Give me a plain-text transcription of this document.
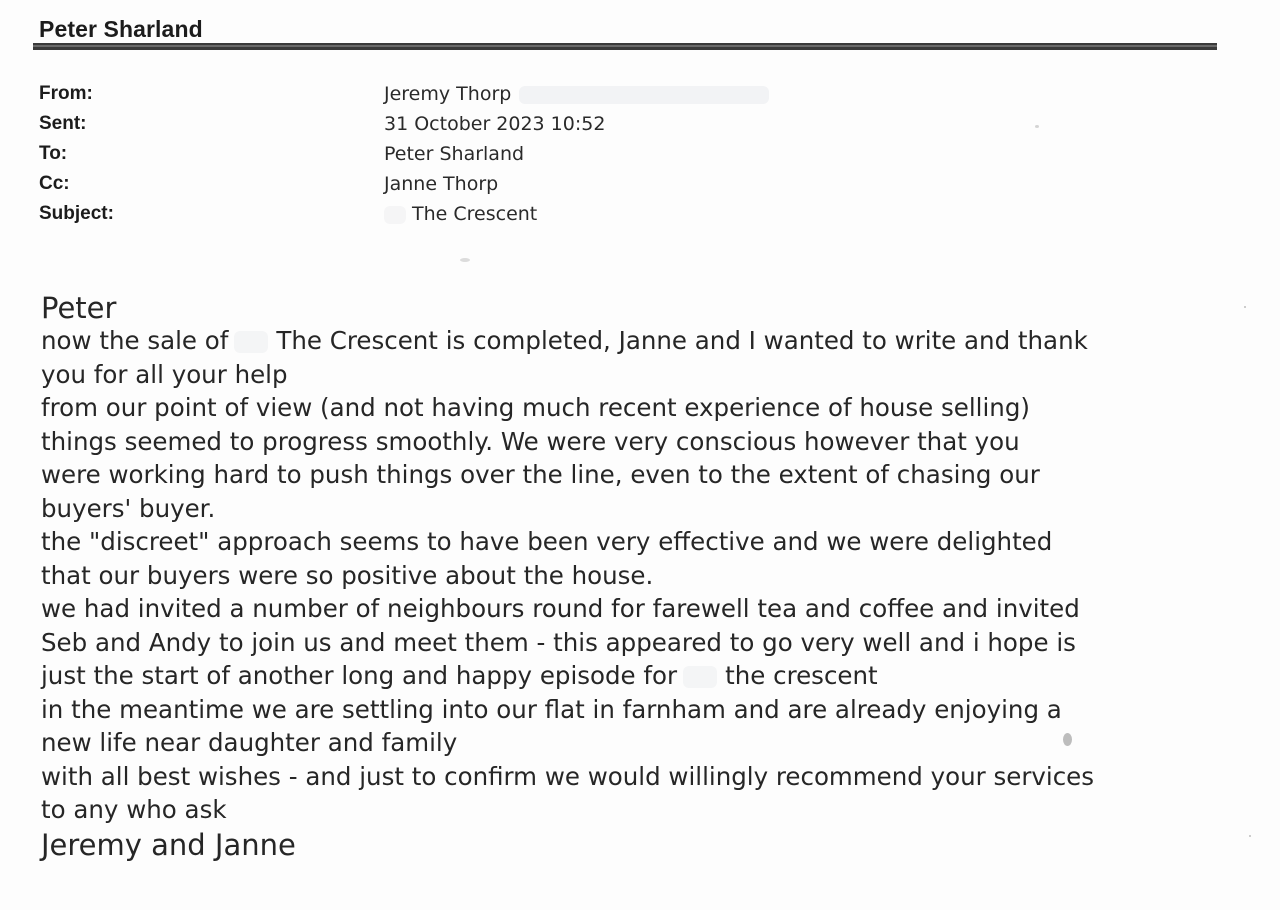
Peter Sharland
From:	Jeremy Thorp
Sent:	31 October 2023 10:52
To:	Peter Sharland
Cc:	Janne Thorp
Subject:	The Crescent

Peter

now the sale of The Crescent is completed, Janne and I wanted to write and thank

you for all your help

from our point of view (and not having much recent experience of house selling)

things seemed to progress smoothly. We were very conscious however that you

were working hard to push things over the line, even to the extent of chasing our

buyers' buyer.

the "discreet" approach seems to have been very effective and we were delighted

that our buyers were so positive about the house.

we had invited a number of neighbours round for farewell tea and coffee and invited

Seb and Andy to join us and meet them - this appeared to go very well and i hope is

just the start of another long and happy episode for the crescent

in the meantime we are settling into our flat in farnham and are already enjoying a

new life near daughter and family

with all best wishes - and just to confirm we would willingly recommend your services

to any who ask

Jeremy and Janne
